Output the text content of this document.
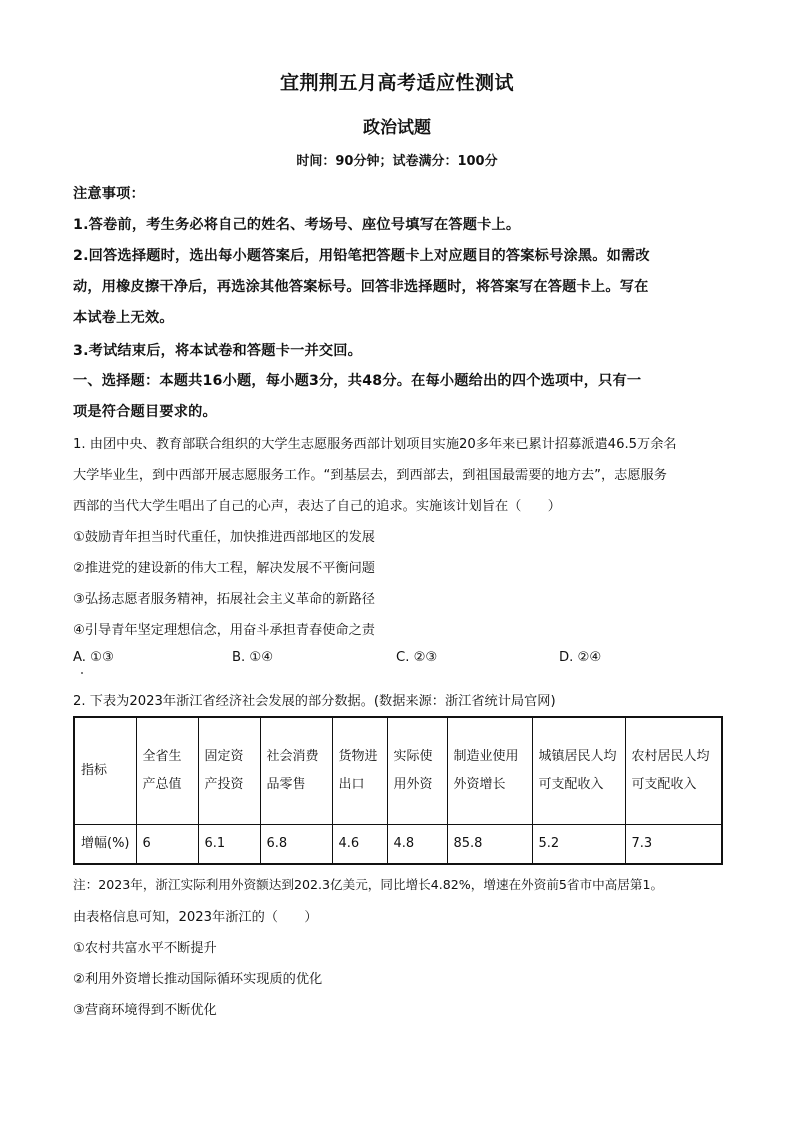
宜荆荆五月高考适应性测试
政治试题
时间：90分钟；试卷满分：100分
注意事项：
1.答卷前，考生务必将自己的姓名、考场号、座位号填写在答题卡上。
2.回答选择题时，选出每小题答案后，用铅笔把答题卡上对应题目的答案标号涂黑。如需改
动，用橡皮擦干净后，再选涂其他答案标号。回答非选择题时，将答案写在答题卡上。写在
本试卷上无效。
3.考试结束后，将本试卷和答题卡一并交回。
一、选择题：本题共16小题，每小题3分，共48分。在每小题给出的四个选项中，只有一
项是符合题目要求的。
1. 由团中央、教育部联合组织的大学生志愿服务西部计划项目实施20多年来已累计招募派遣46.5万余名
大学毕业生，到中西部开展志愿服务工作。“到基层去，到西部去，到祖国最需要的地方去”，志愿服务
西部的当代大学生唱出了自己的心声，表达了自己的追求。实施该计划旨在（　　）
①鼓励青年担当时代重任，加快推进西部地区的发展
②推进党的建设新的伟大工程，解决发展不平衡问题
③弘扬志愿者服务精神，拓展社会主义革命的新路径
④引导青年坚定理想信念，用奋斗承担青春使命之责
A. ①③	B. ①④	C. ②③	D. ②④
2. 下表为2023年浙江省经济社会发展的部分数据。(数据来源：浙江省统计局官网)
指标	全省生产总值	固定资产投资	社会消费品零售	货物进出口	实际使用外资	制造业使用外资增长	城镇居民人均可支配收入	农村居民人均可支配收入
增幅(%)	6	6.1	6.8	4.6	4.8	85.8	5.2	7.3
注：2023年，浙江实际利用外资额达到202.3亿美元，同比增长4.82%，增速在外资前5省市中高居第1。
由表格信息可知，2023年浙江的（　　）
①农村共富水平不断提升
②利用外资增长推动国际循环实现质的优化
③营商环境得到不断优化
